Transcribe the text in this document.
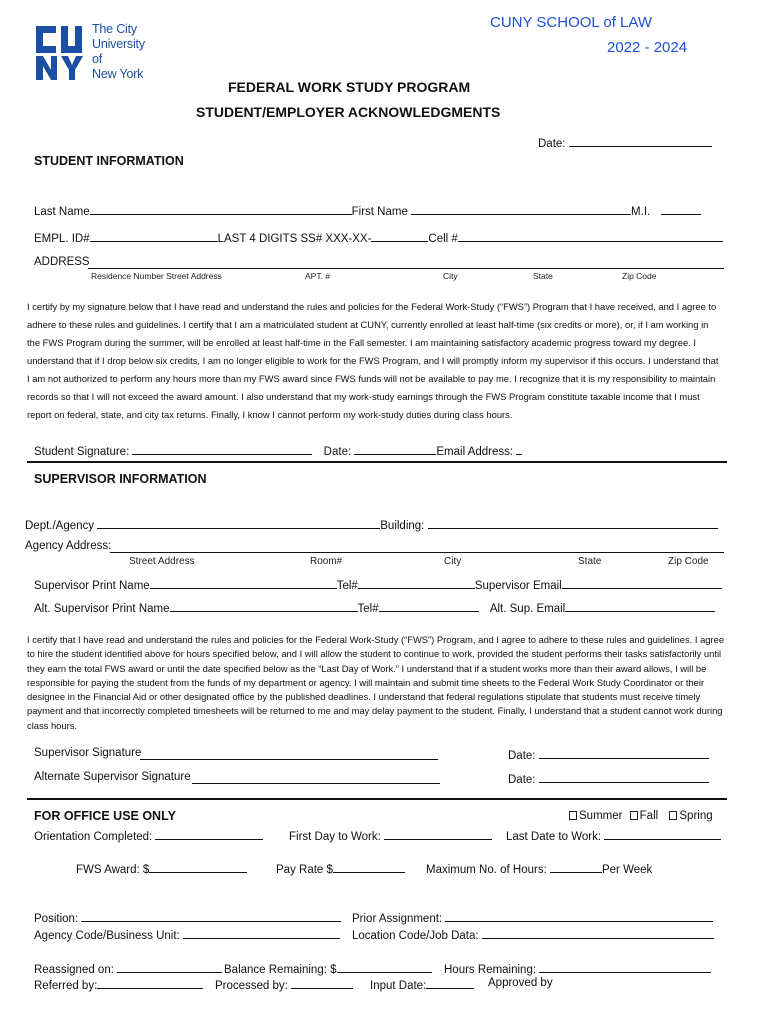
The City
University
of
New York
CUNY SCHOOL of LAW
2022 - 2024
FEDERAL WORK STUDY PROGRAM
STUDENT/EMPLOYER ACKNOWLEDGMENTS
Date:
STUDENT INFORMATION
Last Name	First Name	M.I.
EMPL. ID#	LAST 4 DIGITS SS# XXX-XX-	Cell #
ADDRESS
Residence Number Street Address	APT. #	City	State	Zip Code
I certify by my signature below that I have read and understand the rules and policies for the Federal Work-Study (“FWS”) Program that I have received, and I agree to adhere to these rules and guidelines. I certify that I am a matriculated student at CUNY, currently enrolled at least half-time (six credits or more), or, if I am working in the FWS Program during the summer, will be enrolled at least half-time in the Fall semester. I am maintaining satisfactory academic progress toward my degree. I understand that if I drop below six credits, I am no longer eligible to work for the FWS Program, and I will promptly inform my supervisor if this occurs. I understand that I am not authorized to perform any hours more than my FWS award since FWS funds will not be available to pay me. I recognize that it is my responsibility to maintain records so that I will not exceed the award amount. I also understand that my work-study earnings through the FWS Program constitute taxable income that I must report on federal, state, and city tax returns. Finally, I know I cannot perform my work-study duties during class hours.
Student Signature:	Date:	Email Address:
SUPERVISOR INFORMATION
Dept./Agency	Building:
Agency Address:
Street Address	Room#	City	State	Zip Code
Supervisor Print Name	Tel#	Supervisor Email
Alt. Supervisor Print Name	Tel#	Alt. Sup. Email
I certify that I have read and understand the rules and policies for the Federal Work-Study (“FWS”) Program, and I agree to adhere to these rules and guidelines. I agree to hire the student identified above for hours specified below, and I will allow the student to continue to work, provided the student performs their tasks satisfactorily until they earn the total FWS award or until the date specified below as the “Last Day of Work.” I understand that if a student works more than their award allows, I will be responsible for paying the student from the funds of my department or agency. I will maintain and submit time sheets to the Federal Work Study Coordinator or their designee in the Financial Aid or other designated office by the published deadlines. I understand that federal regulations stipulate that students must receive timely payment and that incorrectly completed timesheets will be returned to me and may delay payment to the student. Finally, I understand that a student cannot work during class hours.
Supervisor Signature	Date:
Alternate Supervisor Signature	Date:
FOR OFFICE USE ONLY	Summer Fall Spring
Orientation Completed:	First Day to Work:	Last Date to Work:
FWS Award: $	Pay Rate $	Maximum No. of Hours:	Per Week
Position:	Prior Assignment:
Agency Code/Business Unit:	Location Code/Job Data:
Reassigned on:	Balance Remaining: $	Hours Remaining:
Referred by:	Processed by:	Input Date:	Approved by
